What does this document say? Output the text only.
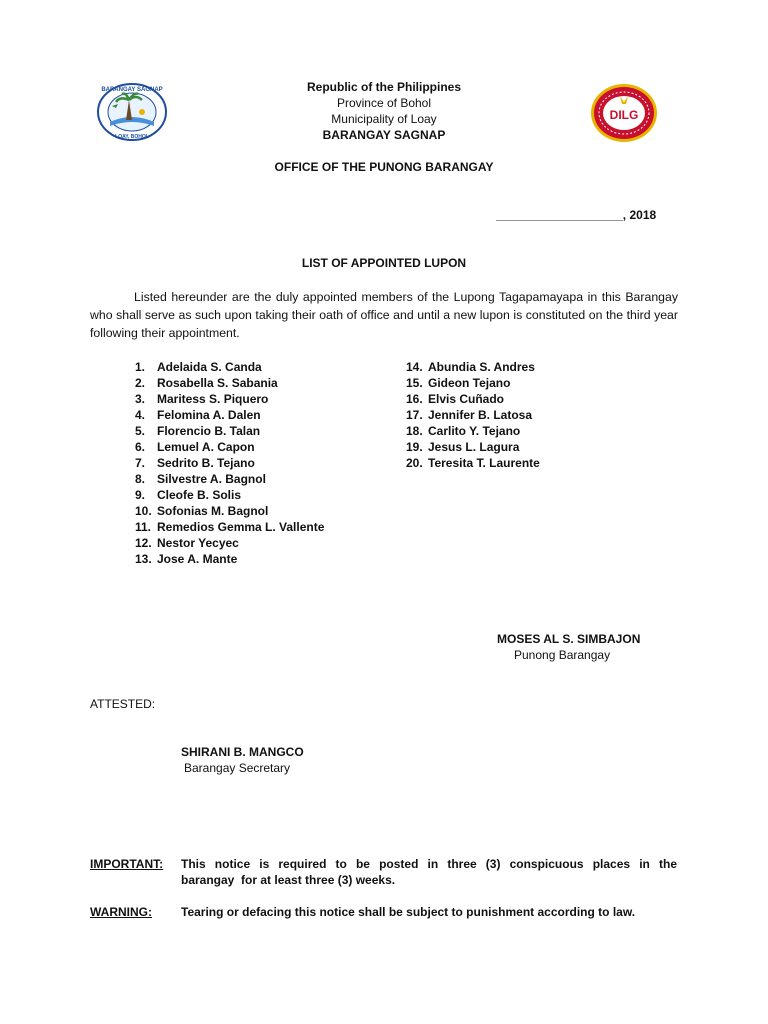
BARANGAY SAGNAP
LOAY, BOHOL
DILG
Republic of the Philippines
Province of Bohol
Municipality of Loay
BARANGAY SAGNAP
OFFICE OF THE PUNONG BARANGAY
___________________, 2018
LIST OF APPOINTED LUPON
Listed hereunder are the duly appointed members of the Lupong Tagapamayapa in this Barangay who shall serve as such upon taking their oath of office and until a new lupon is constituted on the third year following their appointment.
1. Adelaida S. Canda
2. Rosabella S. Sabania
3. Maritess S. Piquero
4. Felomina A. Dalen
5. Florencio B. Talan
6. Lemuel A. Capon
7. Sedrito B. Tejano
8. Silvestre A. Bagnol
9. Cleofe B. Solis
10. Sofonias M. Bagnol
11. Remedios Gemma L. Vallente
12. Nestor Yecyec
13. Jose A. Mante
14. Abundia S. Andres
15. Gideon Tejano
16. Elvis Cuñado
17. Jennifer B. Latosa
18. Carlito Y. Tejano
19. Jesus L. Lagura
20. Teresita T. Laurente
MOSES AL S. SIMBAJON
Punong Barangay
ATTESTED:
SHIRANI B. MANGCO
Barangay Secretary
IMPORTANT: This notice is required to be posted in three (3) conspicuous places in the
barangay  for at least three (3) weeks.
WARNING: Tearing or defacing this notice shall be subject to punishment according to law.
